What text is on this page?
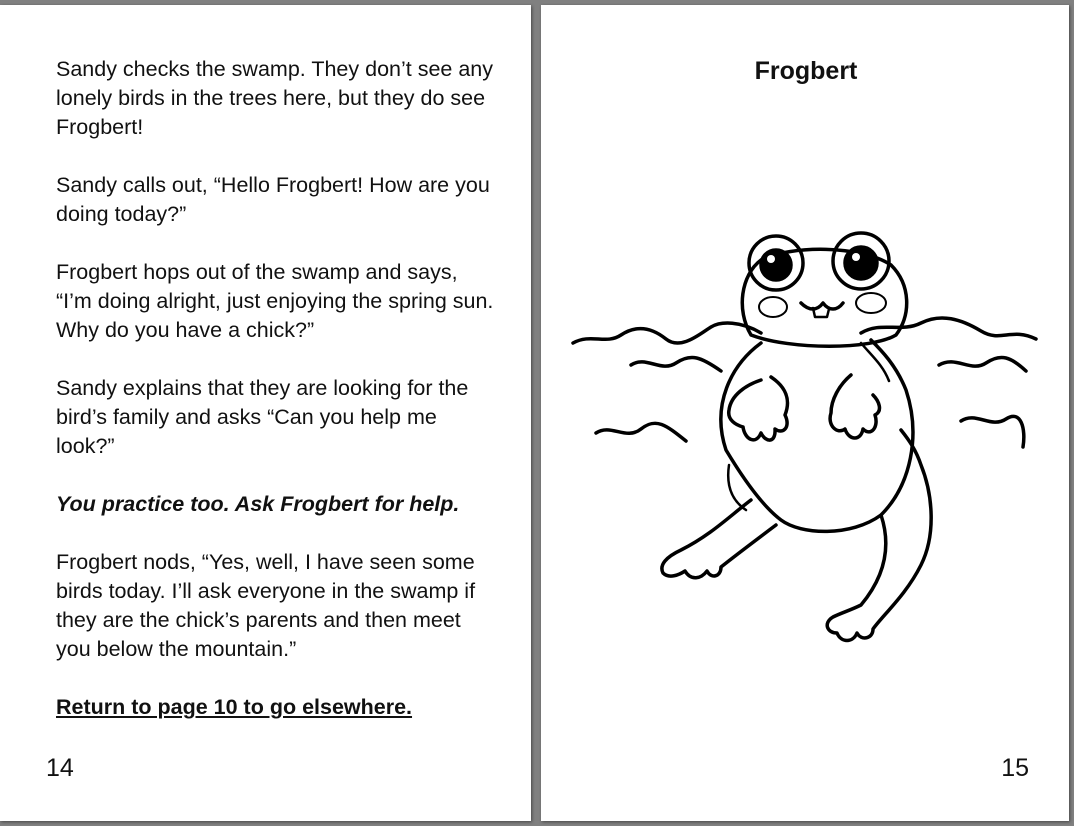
Sandy checks the swamp. They don’t see any lonely birds in the trees here, but they do see Frogbert!

Sandy calls out, “Hello Frogbert! How are you doing today?”

Frogbert hops out of the swamp and says, “I’m doing alright, just enjoying the spring sun. Why do you have a chick?”

Sandy explains that they are looking for the bird’s family and asks “Can you help me look?”

You practice too. Ask Frogbert for help.

Frogbert nods, “Yes, well, I have seen some birds today. I’ll ask everyone in the swamp if they are the chick’s parents and then meet you below the mountain.”

Return to page 10 to go elsewhere.

14
Frogbert
15
